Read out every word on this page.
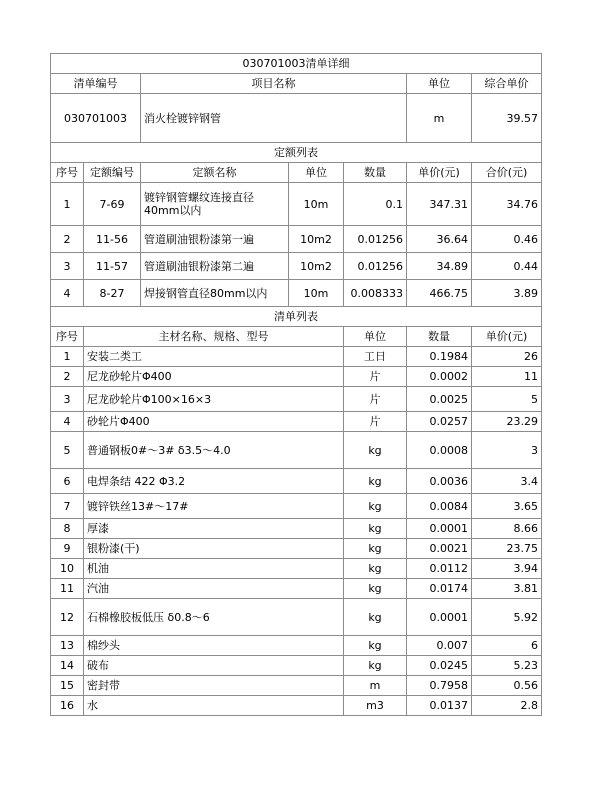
030701003清单详细							
清单编号		项目名称			单位	综合单价	
030701003		消火栓镀锌钢管			m	39.57	
定额列表							
序号	定额编号	定额名称	单位	数量	单价(元)	合价(元)	
1	7-69	镀锌钢管螺纹连接直径40mm以内	10m	0.1	347.31	34.76	
2	11-56	管道刷油银粉漆第一遍	10m2	0.01256	36.64	0.46	
3	11-57	管道刷油银粉漆第二遍	10m2	0.01256	34.89	0.44	
4	8-27	焊接钢管直径80mm以内	10m	0.008333	466.75	3.89	
清单列表							
序号	主材名称、规格、型号			单位	数量	单价(元)	
1	安装二类工			工日	0.1984	26	
2	尼龙砂轮片Φ400			片	0.0002	11	
3	尼龙砂轮片Φ100×16×3			片	0.0025	5	
4	砂轮片Φ400			片	0.0257	23.29	
5	普通钢板0#～3# δ3.5～4.0			kg	0.0008	3	
6	电焊条结 422 Φ3.2			kg	0.0036	3.4	
7	镀锌铁丝13#～17#			kg	0.0084	3.65	
8	厚漆			kg	0.0001	8.66	
9	银粉漆(干)			kg	0.0021	23.75	
10	机油			kg	0.0112	3.94	
11	汽油			kg	0.0174	3.81	
12	石棉橡胶板低压 δ0.8～6			kg	0.0001	5.92	
13	棉纱头			kg	0.007	6	
14	破布			kg	0.0245	5.23	
15	密封带			m	0.7958	0.56	
16	水			m3	0.0137	2.8	
